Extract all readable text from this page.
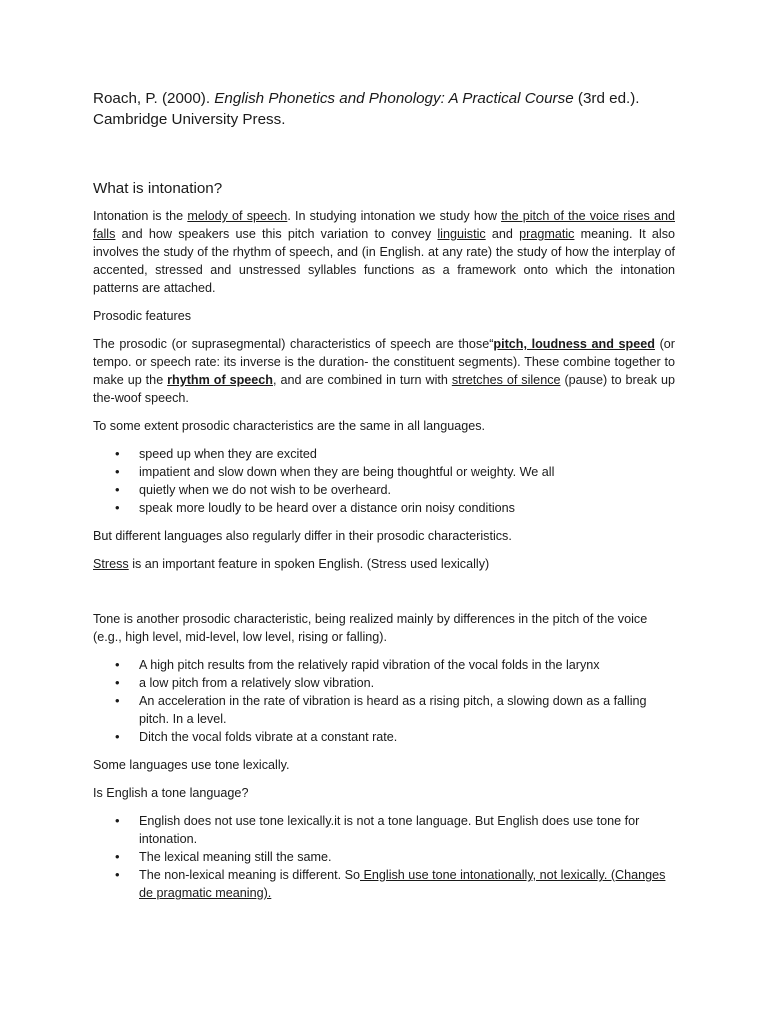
Roach, P. (2000). English Phonetics and Phonology: A Practical Course (3rd ed.).
Cambridge University Press.

What is intonation?

Intonation is the melody of speech. In studying intonation we study how the pitch of the voice rises and falls and how speakers use this pitch variation to convey linguistic and pragmatic meaning. It also involves the study of the rhythm of speech, and (in English. at any rate) the study of how the interplay of accented, stressed and unstressed syllables functions as a framework onto which the intonation patterns are attached.

Prosodic features

The prosodic (or suprasegmental) characteristics of speech are those“pitch, loudness and speed (or tempo. or speech rate: its inverse is the duration- the constituent segments). These combine together to make up the rhythm of speech, and are combined in turn with stretches of silence (pause) to break up the-woof speech.

To some extent prosodic characteristics are the same in all languages.

• speed up when they are excited
• impatient and slow down when they are being thoughtful or weighty. We all
• quietly when we do not wish to be overheard.
• speak more loudly to be heard over a distance orin noisy conditions

But different languages also regularly differ in their prosodic characteristics.

Stress is an important feature in spoken English. (Stress used lexically)

Tone is another prosodic characteristic, being realized mainly by differences in the pitch of the voice (e.g., high level, mid-level, low level, rising or falling).

• A high pitch results from the relatively rapid vibration of the vocal folds in the larynx
• a low pitch from a relatively slow vibration.
• An acceleration in the rate of vibration is heard as a rising pitch, a slowing down as a falling pitch. In a level.
• Ditch the vocal folds vibrate at a constant rate.

Some languages use tone lexically.

Is English a tone language?

• English does not use tone lexically.it is not a tone language. But English does use tone for intonation.
• The lexical meaning still the same.
• The non-lexical meaning is different. So English use tone intonationally, not lexically. (Changes de pragmatic meaning).
